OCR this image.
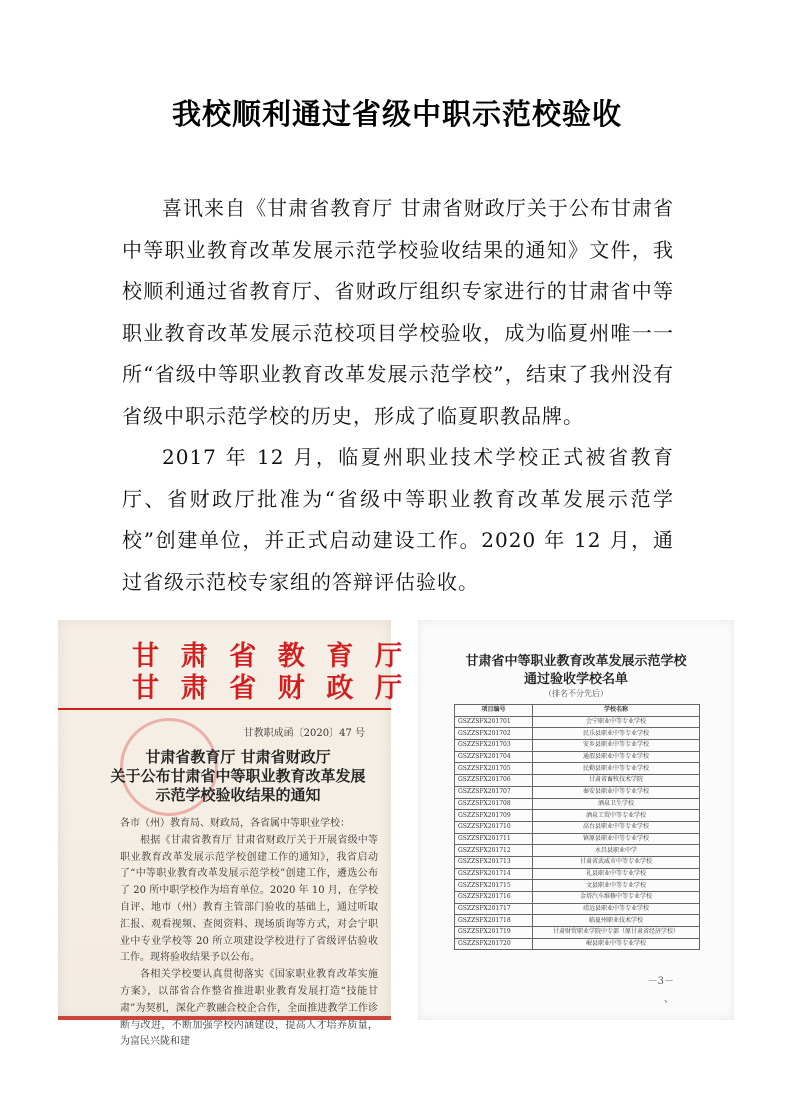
我校顺利通过省级中职示范校验收

喜讯来自《甘肃省教育厅 甘肃省财政厅关于公布甘肃省中等职业教育改革发展示范学校验收结果的通知》文件，我校顺利通过省教育厅、省财政厅组织专家进行的甘肃省中等职业教育改革发展示范校项目学校验收，成为临夏州唯一一所“省级中等职业教育改革发展示范学校”，结束了我州没有省级中职示范学校的历史，形成了临夏职教品牌。

2017 年 12 月，临夏州职业技术学校正式被省教育厅、省财政厅批准为“省级中等职业教育改革发展示范学校”创建单位，并正式启动建设工作。2020 年 12 月，通过省级示范校专家组的答辩评估验收。

甘 肃 省 教 育 厅
甘 肃 省 财 政 厅
甘教职成函〔2020〕47 号
甘肃省教育厅 甘肃省财政厅
关于公布甘肃省中等职业教育改革发展
示范学校验收结果的通知

各市（州）教育局、财政局，各省属中等职业学校：

根据《甘肃省教育厅 甘肃省财政厅关于开展省级中等职业教育改革发展示范学校创建工作的通知》，我省启动了“中等职业教育改革发展示范学校”创建工作，遴选公布了 20 所中职学校作为培育单位。2020 年 10 月，在学校自评、地市（州）教育主管部门验收的基础上，通过听取汇报、观看视频、查阅资料、现场质询等方式，对会宁职业中专业学校等 20 所立项建设学校进行了省级评估验收工作。现将验收结果予以公布。

各相关学校要认真贯彻落实《国家职业教育改革实施方案》，以部省合作整省推进职业教育发展打造“技能甘肃”为契机，深化产教融合校企合作，全面推进教学工作诊断与改进，不断加强学校内涵建设，提高人才培养质量，为富民兴陇和建

甘肃省中等职业教育改革发展示范学校
通过验收学校名单
（排名不分先后）
项目编号	学校名称
GSZZSFX201701	会宁职业中等专业学校
GSZZSFX201702	民乐县职业中等专业学校
GSZZSFX201703	安乡县职业中等专业学校
GSZZSFX201704	通渭县职业中等专业学校
GSZZSFX201705	民勤县职业中等专业学校
GSZZSFX201706	甘肃省畜牧技术学院
GSZZSFX201707	秦安县职业中等专业学校
GSZZSFX201708	酒泉卫生学校
GSZZSFX201709	酒泉工贸中等专业学校
GSZZSFX201710	高台县职业中等专业学校
GSZZSFX201711	镇原县职业中等专业学校
GSZZSFX201712	永昌县职业中学
GSZZSFX201713	甘肃省武威市中等专业学校
GSZZSFX201714	礼县职业中等专业学校
GSZZSFX201715	文县职业中等专业学校
GSZZSFX201716	金塔汽车维修中等专业学校
GSZZSFX201717	靖远县职业中等专业学校
GSZZSFX201718	临夏州职业技术学校
GSZZSFX201719	甘肃财贸职业学院中专部（原甘肃省经济学校）
GSZZSFX201720	岷县职业中等专业学校
－3－
、
